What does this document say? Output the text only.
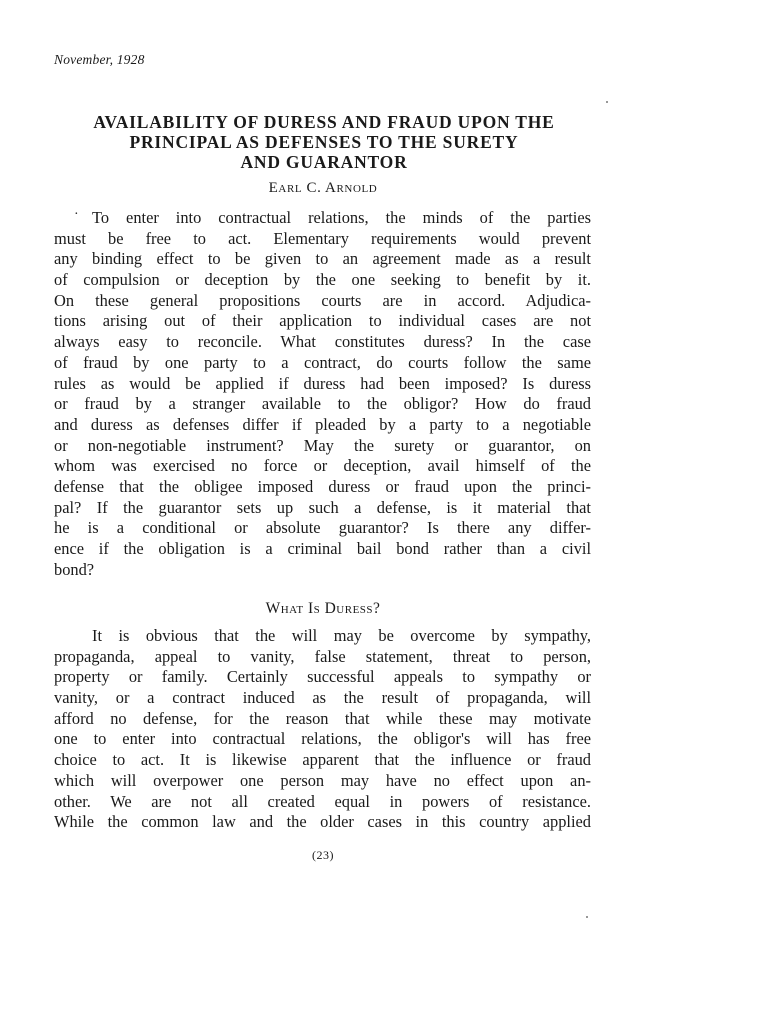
November, 1928
AVAILABILITY OF DURESS AND FRAUD UPON THE
PRINCIPAL AS DEFENSES TO THE SURETY
AND GUARANTOR
Earl C. Arnold
· To enter into contractual relations, the minds of the parties
must be free to act. Elementary requirements would prevent
any binding effect to be given to an agreement made as a result
of compulsion or deception by the one seeking to benefit by it.
On these general propositions courts are in accord. Adjudica-
tions arising out of their application to individual cases are not
always easy to reconcile. What constitutes duress? In the case
of fraud by one party to a contract, do courts follow the same
rules as would be applied if duress had been imposed? Is duress
or fraud by a stranger available to the obligor? How do fraud
and duress as defenses differ if pleaded by a party to a negotiable
or non-negotiable instrument? May the surety or guarantor, on
whom was exercised no force or deception, avail himself of the
defense that the obligee imposed duress or fraud upon the princi-
pal? If the guarantor sets up such a defense, is it material that
he is a conditional or absolute guarantor? Is there any differ-
ence if the obligation is a criminal bail bond rather than a civil
bond?
What Is Duress?
It is obvious that the will may be overcome by sympathy,
propaganda, appeal to vanity, false statement, threat to person,
property or family. Certainly successful appeals to sympathy or
vanity, or a contract induced as the result of propaganda, will
afford no defense, for the reason that while these may motivate
one to enter into contractual relations, the obligor's will has free
choice to act. It is likewise apparent that the influence or fraud
which will overpower one person may have no effect upon an-
other. We are not all created equal in powers of resistance.
While the common law and the older cases in this country applied
(23)
